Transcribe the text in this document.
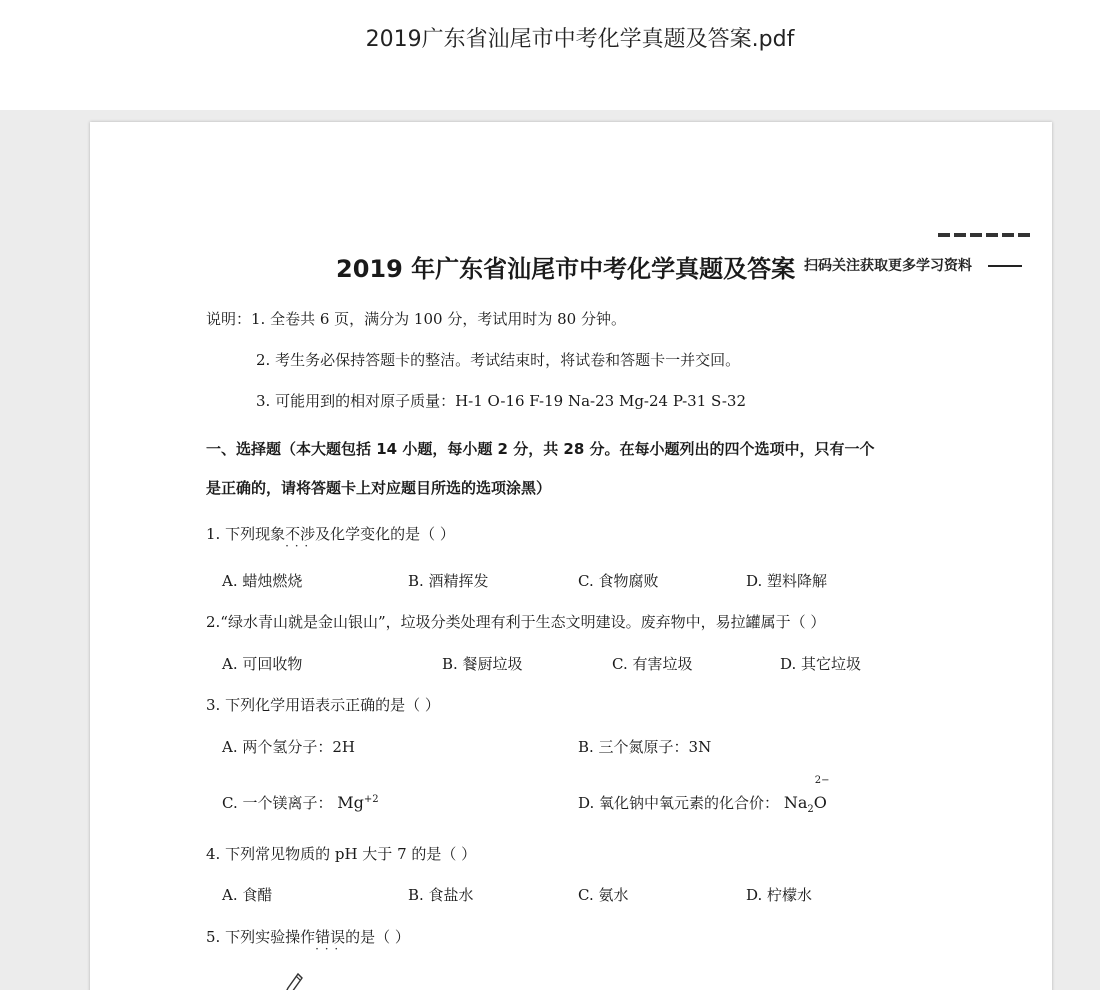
2019广东省汕尾市中考化学真题及答案.pdf
2019 年广东省汕尾市中考化学真题及答案 扫码关注获取更多学习资料
说明：1. 全卷共 6 页，满分为 100 分，考试用时为 80 分钟。
2. 考生务必保持答题卡的整洁。考试结束时，将试卷和答题卡一并交回。
3. 可能用到的相对原子质量：H-1 O-16 F-19 Na-23 Mg-24 P-31 S-32
一、选择题（本大题包括 14 小题，每小题 2 分，共 28 分。在每小题列出的四个选项中，只有一个
是正确的，请将答题卡上对应题目所选的选项涂黑）
1. 下列现象不涉及 · · ·化学变化的是（ ）
A. 蜡烛燃烧	B. 酒精挥发	C. 食物腐败	D. 塑料降解
2.“绿水青山就是金山银山”，垃圾分类处理有利于生态文明建设。废弃物中，易拉罐属于（ ）
A. 可回收物	B. 餐厨垃圾	C. 有害垃圾	D. 其它垃圾
3. 下列化学用语表示正确的是（ ）
A. 两个氢分子：2H	B. 三个氮原子：3N
C. 一个镁离子： $Mg^{+2}$	D. 氧化钠中氧元素的化合价： $Na_2$
2−
O
4. 下列常见物质的 pH 大于 7 的是（ ）
A. 食醋	B. 食盐水	C. 氨水	D. 柠檬水
5. 下列实验操作错误 · · ·的是（ ）
